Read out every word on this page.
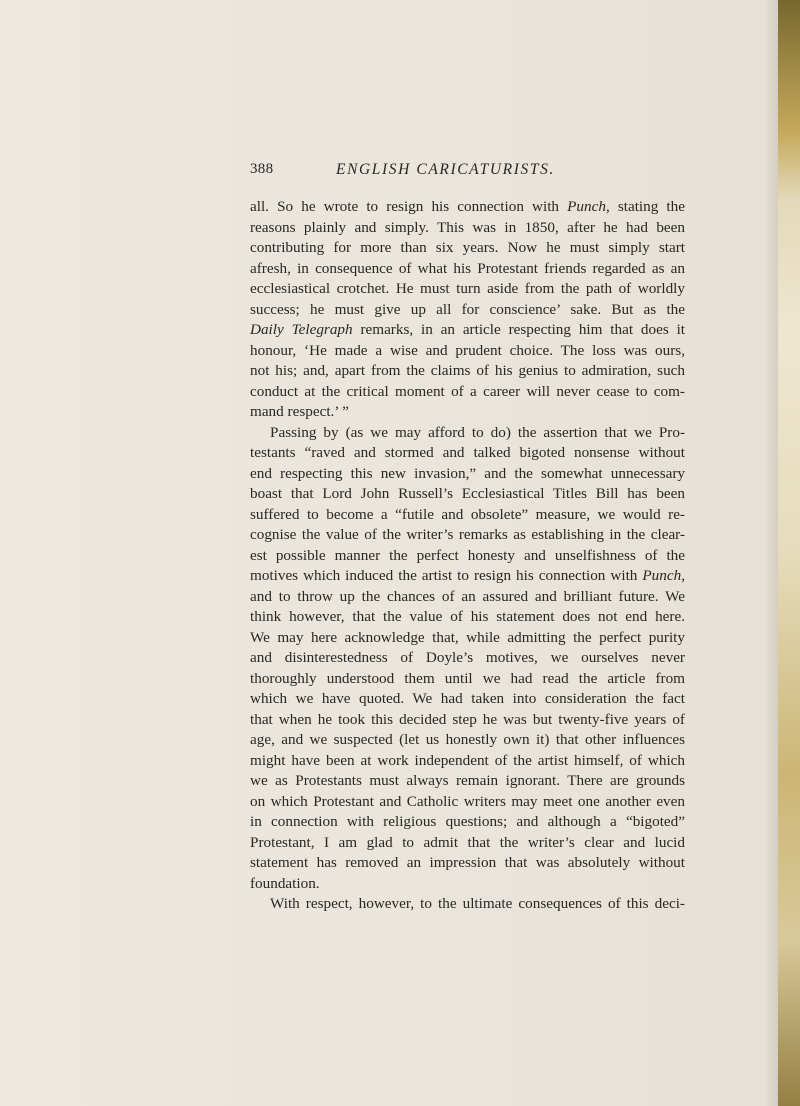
388	ENGLISH CARICATURISTS.
all. So he wrote to resign his connection with Punch, stating the
reasons plainly and simply. This was in 1850, after he had been
contributing for more than six years. Now he must simply start
afresh, in consequence of what his Protestant friends regarded as an
ecclesiastical crotchet. He must turn aside from the path of worldly
success; he must give up all for conscience’ sake. But as the
Daily Telegraph remarks, in an article respecting him that does it
honour, ‘He made a wise and prudent choice. The loss was ours,
not his; and, apart from the claims of his genius to admiration, such
conduct at the critical moment of a career will never cease to com-
mand respect.’ ”
Passing by (as we may afford to do) the assertion that we Pro-
testants “raved and stormed and talked bigoted nonsense without
end respecting this new invasion,” and the somewhat unnecessary
boast that Lord John Russell’s Ecclesiastical Titles Bill has been
suffered to become a “futile and obsolete” measure, we would re-
cognise the value of the writer’s remarks as establishing in the clear-
est possible manner the perfect honesty and unselfishness of the
motives which induced the artist to resign his connection with Punch,
and to throw up the chances of an assured and brilliant future. We
think however, that the value of his statement does not end here.
We may here acknowledge that, while admitting the perfect purity
and disinterestedness of Doyle’s motives, we ourselves never
thoroughly understood them until we had read the article from
which we have quoted. We had taken into consideration the fact
that when he took this decided step he was but twenty-five years of
age, and we suspected (let us honestly own it) that other influences
might have been at work independent of the artist himself, of which
we as Protestants must always remain ignorant. There are grounds
on which Protestant and Catholic writers may meet one another even
in connection with religious questions; and although a “bigoted”
Protestant, I am glad to admit that the writer’s clear and lucid
statement has removed an impression that was absolutely without
foundation.
With respect, however, to the ultimate consequences of this deci-
